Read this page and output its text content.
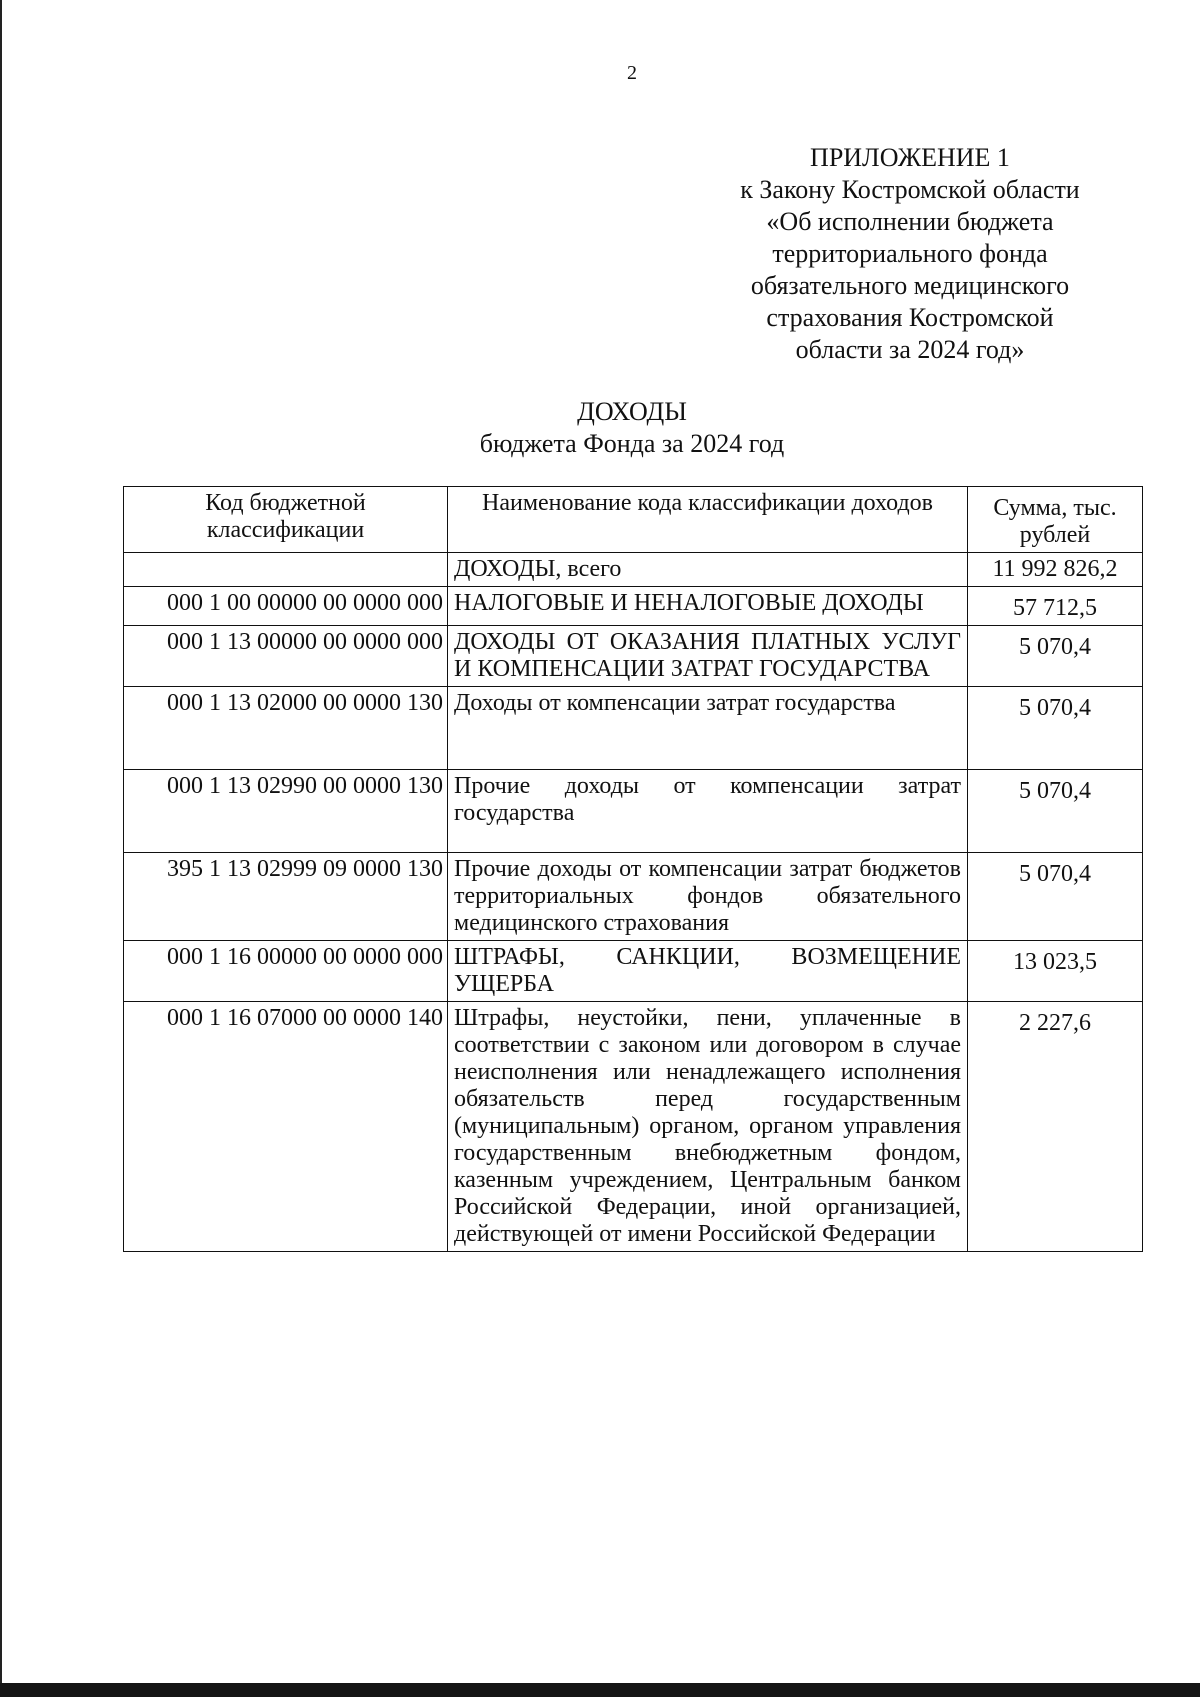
2
ПРИЛОЖЕНИЕ 1
к Закону Костромской области
«Об исполнении бюджета
территориального фонда
обязательного медицинского
страхования Костромской
области за 2024 год»
ДОХОДЫ
бюджета Фонда за 2024 год
Код бюджетной классификации	Наименование кода классификации доходов	Сумма, тыс. рублей
	ДОХОДЫ, всего	11 992 826,2
000 1 00 00000 00 0000 000	НАЛОГОВЫЕ И НЕНАЛОГОВЫЕ ДОХОДЫ	57 712,5
000 1 13 00000 00 0000 000	ДОХОДЫ ОТ ОКАЗАНИЯ ПЛАТНЫХ УСЛУГ И КОМПЕНСАЦИИ ЗАТРАТ ГОСУДАРСТВА	5 070,4
000 1 13 02000 00 0000 130	Доходы от компенсации затрат государства	5 070,4
000 1 13 02990 00 0000 130	Прочие доходы от компенсации затрат государства	5 070,4
395 1 13 02999 09 0000 130	Прочие доходы от компенсации затрат бюджетов территориальных фондов обязательного медицинского страхования	5 070,4
000 1 16 00000 00 0000 000	ШТРАФЫ, САНКЦИИ, ВОЗМЕЩЕНИЕ УЩЕРБА	13 023,5
000 1 16 07000 00 0000 140	Штрафы, неустойки, пени, уплаченные в соответствии с законом или договором в случае неисполнения или ненадлежащего исполнения обязательств перед государственным (муниципальным) органом, органом управления государственным внебюджетным фондом, казенным учреждением, Центральным банком Российской Федерации, иной организацией, действующей от имени Российской Федерации	2 227,6
